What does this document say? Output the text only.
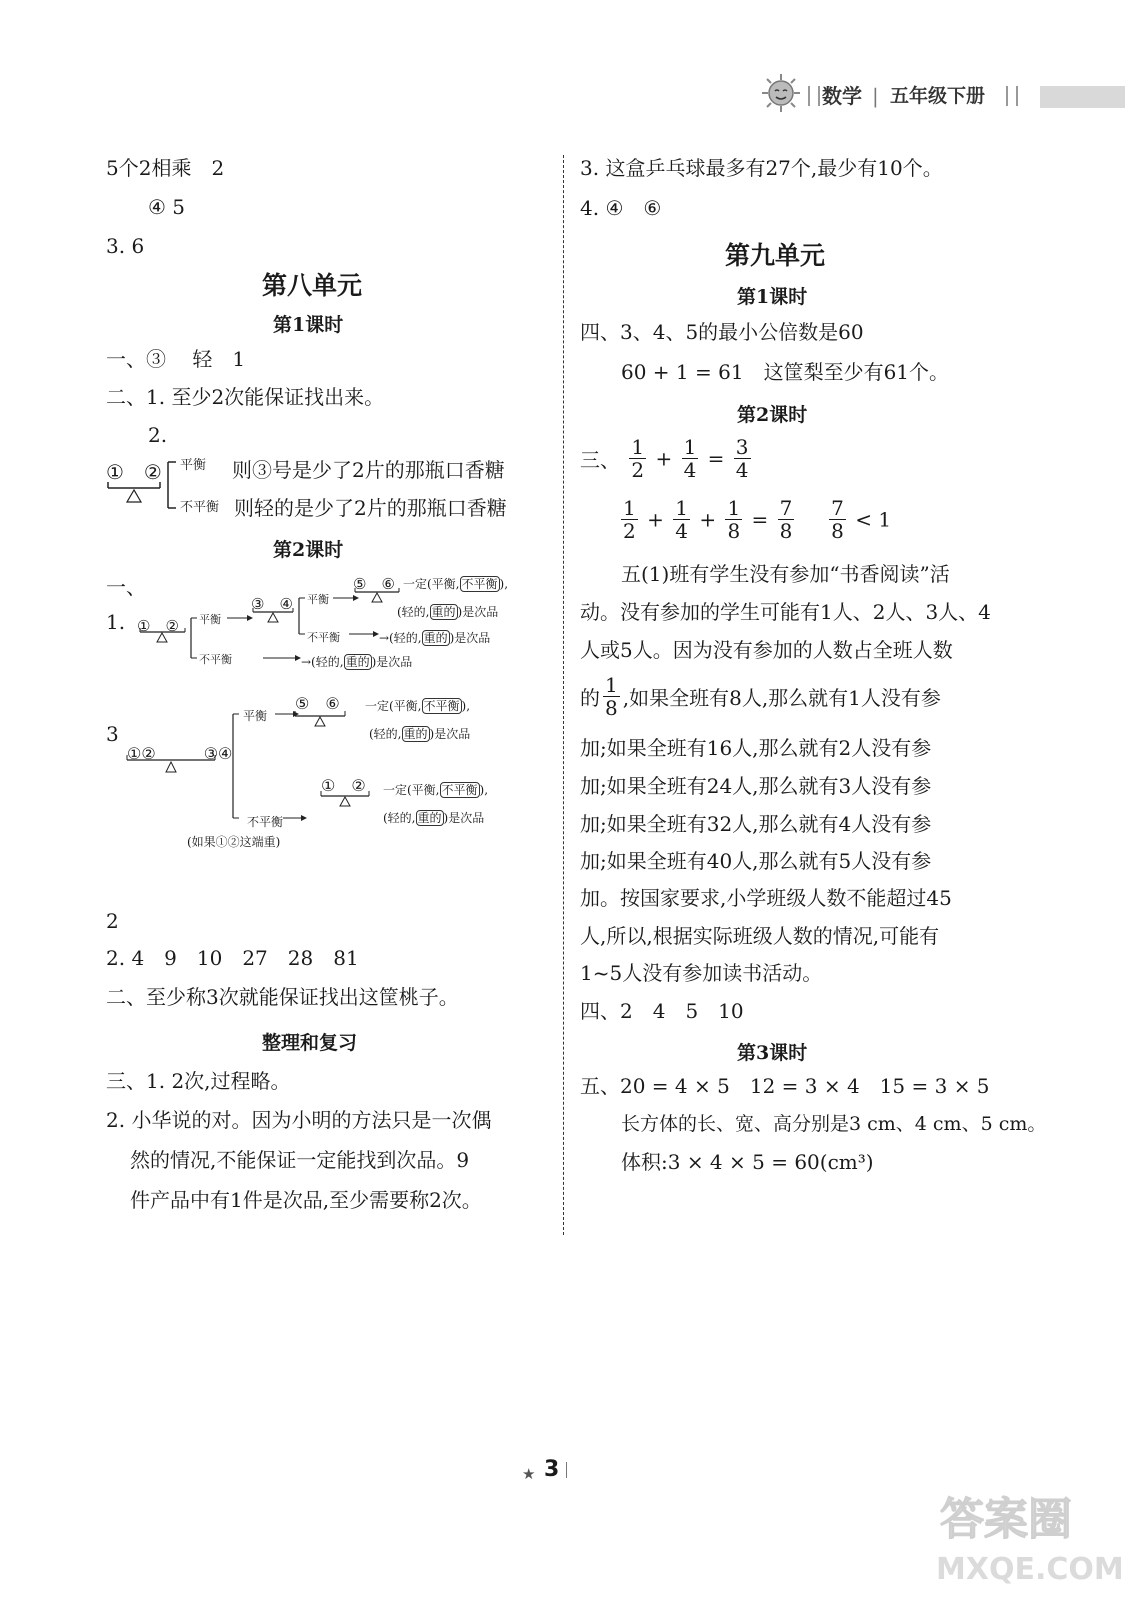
数学 | 五年级下册
5个2相乘　2
④ 5
3. 6
第八单元
第1课时
一、③　 轻　1
二、1. 至少2次能保证找出来。
2.
①　② 平衡 则③号是少了2片的那瓶口香糖
不平衡 则轻的是少了2片的那瓶口香糖
第2课时
一、
1. ①　② 平衡
不平衡
③　④ 平衡
不平衡
⑤　⑥ 一定(平衡, 不平衡 ),
(轻的, 重的 )是次品
→(轻的, 重的 )是次品
→(轻的, 重的 )是次品
3
①②　　　③④
平衡
⑤　⑥ 一定(平衡, 不平衡 ),
(轻的, 重的 )是次品
不平衡
①　② 一定(平衡, 不平衡 ),
(轻的, 重的 )是次品
(如果①②这端重)
2
2. 4　9　10　27　28　81
二、至少称3次就能保证找出这筐桃子。
整理和复习
三、1. 2次,过程略。
2. 小华说的对。因为小明的方法只是一次偶
然的情况,不能保证一定能找到次品。9
件产品中有1件是次品,至少需要称2次。
3. 这盒乒乓球最多有27个,最少有10个。
4. ④　⑥
第九单元
第1课时
四、3、4、5的最小公倍数是60
60 + 1 = 61　这筐梨至少有61个。
第2课时
三、 $\frac{1}{2} + \frac{1}{4} = \frac{3}{4}$
$\frac{1}{2} + \frac{1}{4} + \frac{1}{8} = \frac{7}{8}$
$\frac{7}{8} < 1$
五(1)班有学生没有参加“书香阅读”活
动。没有参加的学生可能有1人、2人、3人、4
人或5人。因为没有参加的人数占全班人数
的 $\frac{1}{8}$ ,如果全班有8人,那么就有1人没有参
加;如果全班有16人,那么就有2人没有参
加;如果全班有24人,那么就有3人没有参
加;如果全班有32人,那么就有4人没有参
加;如果全班有40人,那么就有5人没有参
加。按国家要求,小学班级人数不能超过45
人,所以,根据实际班级人数的情况,可能有
1~5人没有参加读书活动。
四、2　4　5　10
第3课时
五、20 = 4 × 5　12 = 3 × 4　15 = 3 × 5
长方体的长、宽、高分别是3 cm、4 cm、5 cm。
体积:3 × 4 × 5 = 60(cm³)
★ 3
答案圈
MXQE.COM
